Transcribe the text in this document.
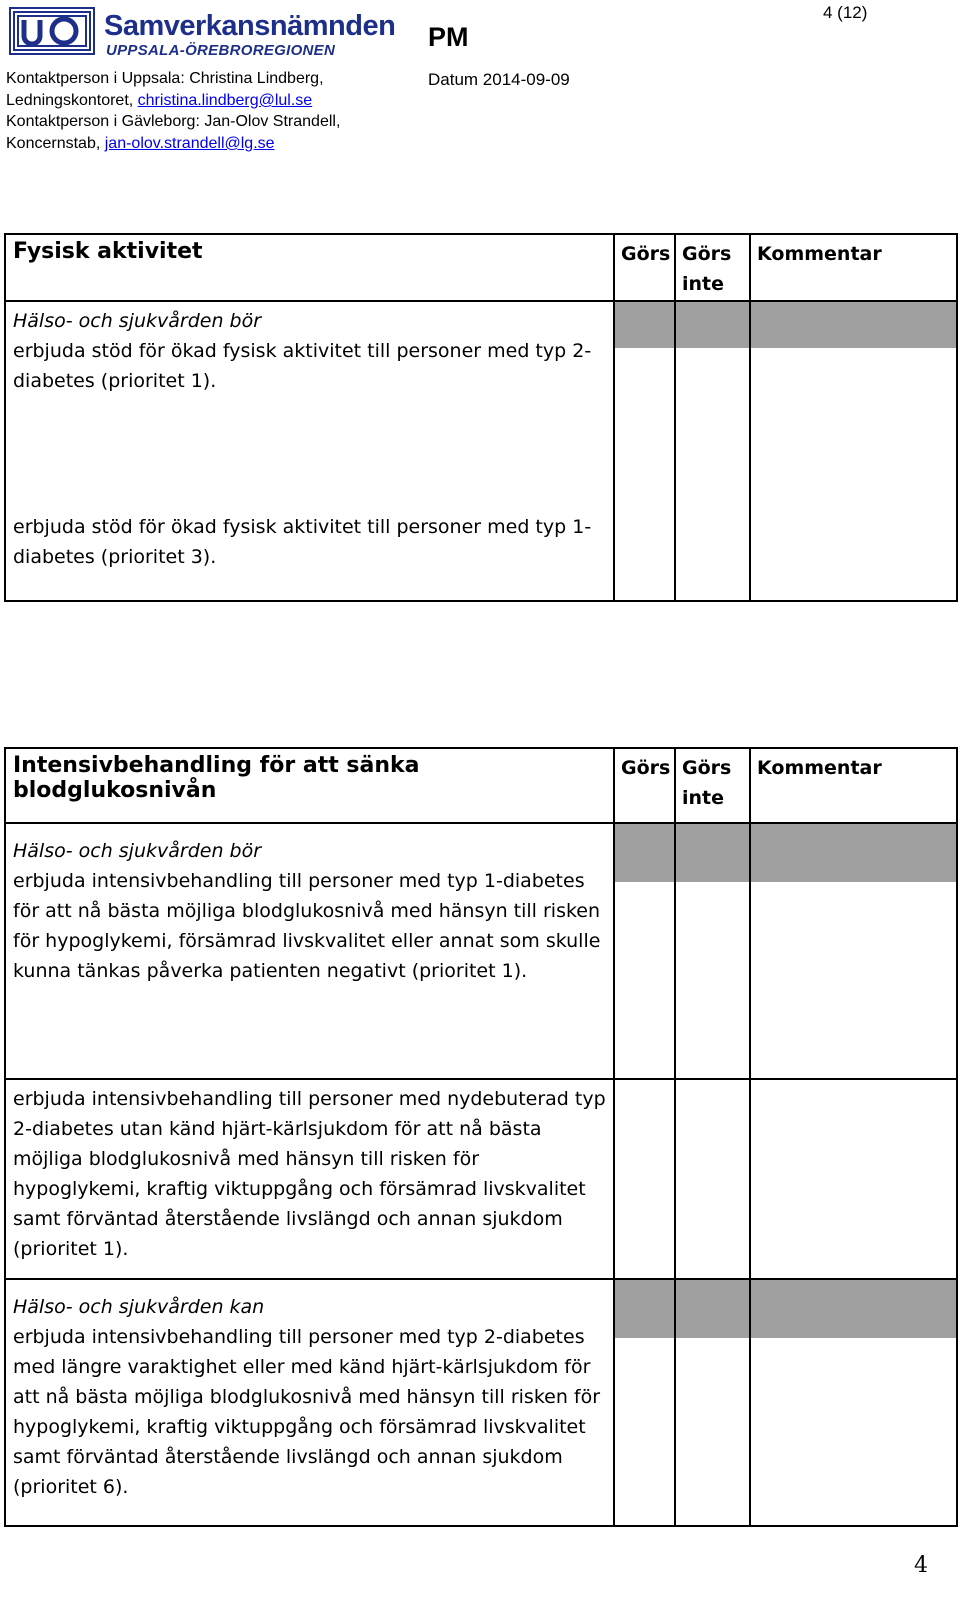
Samverkansnämnden
UPPSALA-ÖREBROREGIONEN	PM
4 (12)
Datum 2014-09-09
Kontaktperson i Uppsala: Christina Lindberg,
Ledningskontoret, christina.lindberg@lul.se
Kontaktperson i Gävleborg: Jan-Olov Strandell,
Koncernstab, jan-olov.strandell@lg.se
Fysisk aktivitet	Görs	Görs inte	Kommentar

Hälso- och sjukvården bör

erbjuda stöd för ökad fysisk aktivitet till personer med typ 2-diabetes (prioritet 1).

erbjuda stöd för ökad fysisk aktivitet till personer med typ 1-diabetes (prioritet 3).			

Intensivbehandling för att sänka blodglukosnivån	Görs	Görs inte	Kommentar

Hälso- och sjukvården bör

erbjuda intensivbehandling till personer med typ 1-diabetes för att nå bästa möjliga blodglukosnivå med hänsyn till risken för hypoglykemi, försämrad livskvalitet eller annat som skulle kunna tänkas påverka patienten negativt (prioritet 1).			

erbjuda intensivbehandling till personer med nydebuterad typ 2-diabetes utan känd hjärt-kärlsjukdom för att nå bästa möjliga blodglukosnivå med hänsyn till risken för hypoglykemi, kraftig viktuppgång och försämrad livskvalitet samt förväntad återstående livslängd och annan sjukdom (prioritet 1).			

Hälso- och sjukvården kan

erbjuda intensivbehandling till personer med typ 2-diabetes med längre varaktighet eller med känd hjärt-kärlsjukdom för att nå bästa möjliga blodglukosnivå med hänsyn till risken för hypoglykemi, kraftig viktuppgång och försämrad livskvalitet samt förväntad återstående livslängd och annan sjukdom (prioritet 6).			

4
